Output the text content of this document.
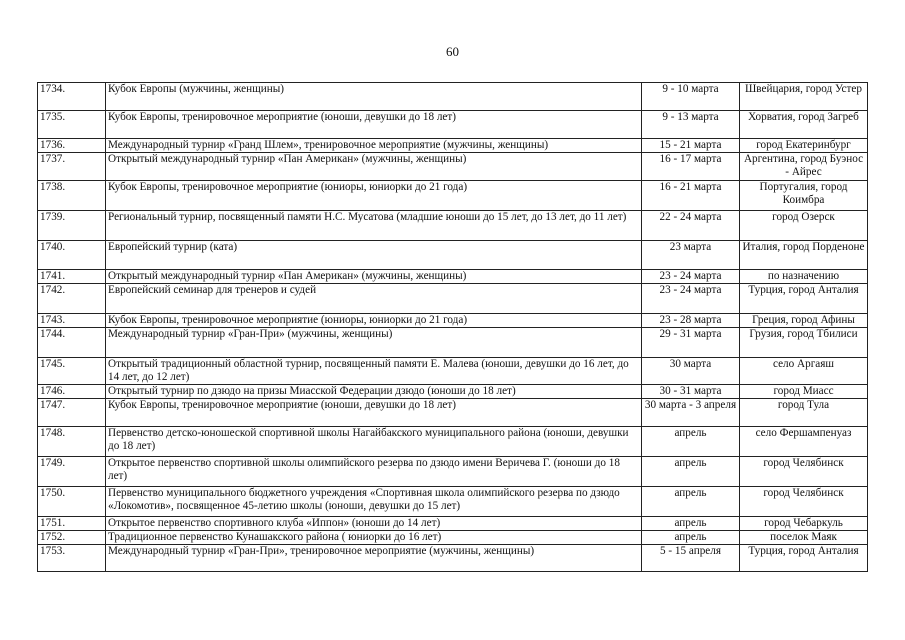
60
1734.	Кубок Европы (мужчины, женщины)	9 - 10 марта	Швейцария, город Устер
1735.	Кубок Европы, тренировочное мероприятие (юноши, девушки до 18 лет)	9 - 13 марта	Хорватия, город Загреб
1736.	Международный турнир «Гранд Шлем», тренировочное мероприятие (мужчины, женщины)	15 - 21 марта	город Екатеринбург
1737.	Открытый международный турнир «Пан Американ» (мужчины, женщины)	16 - 17 марта	Аргентина, город Буэнос - Айрес
1738.	Кубок Европы, тренировочное мероприятие (юниоры, юниорки до 21 года)	16 - 21 марта	Португалия, город Коимбра
1739.	Региональный турнир, посвященный памяти Н.С. Мусатова (младшие юноши до 15 лет, до 13 лет, до 11 лет)	22 - 24 марта	город Озерск
1740.	Европейский турнир (ката)	23 марта	Италия, город Порденоне
1741.	Открытый международный турнир «Пан Американ» (мужчины, женщины)	23 - 24 марта	по назначению
1742.	Европейский семинар для тренеров и судей	23 - 24 марта	Турция, город Анталия
1743.	Кубок Европы, тренировочное мероприятие (юниоры, юниорки до 21 года)	23 - 28 марта	Греция, город Афины
1744.	Международный турнир «Гран-При» (мужчины, женщины)	29 - 31 марта	Грузия, город Тбилиси
1745.	Открытый традиционный областной турнир, посвященный памяти Е. Малева (юноши, девушки до 16 лет, до 14 лет, до 12 лет)	30 марта	село Аргаяш
1746.	Открытый турнир по дзюдо на призы Миасской Федерации дзюдо (юноши до 18 лет)	30 - 31 марта	город Миасс
1747.	Кубок Европы, тренировочное мероприятие (юноши, девушки до 18 лет)	30 марта - 3 апреля	город Тула
1748.	Первенство детско-юношеской спортивной школы Нагайбакского муниципального района (юноши, девушки до 18 лет)	апрель	село Фершампенуаз
1749.	Открытое первенство спортивной школы олимпийского резерва по дзюдо имени Веричева Г. (юноши до 18 лет)	апрель	город Челябинск
1750.	Первенство муниципального бюджетного учреждения «Спортивная школа олимпийского резерва по дзюдо «Локомотив», посвященное 45-летию школы (юноши, девушки до 15 лет)	апрель	город Челябинск
1751.	Открытое первенство спортивного клуба «Иппон» (юноши до 14 лет)	апрель	город Чебаркуль
1752.	Традиционное первенство Кунашакского района ( юниорки до 16 лет)	апрель	поселок Маяк
1753.	Международный турнир «Гран-При», тренировочное мероприятие (мужчины, женщины)	5 - 15 апреля	Турция, город Анталия
